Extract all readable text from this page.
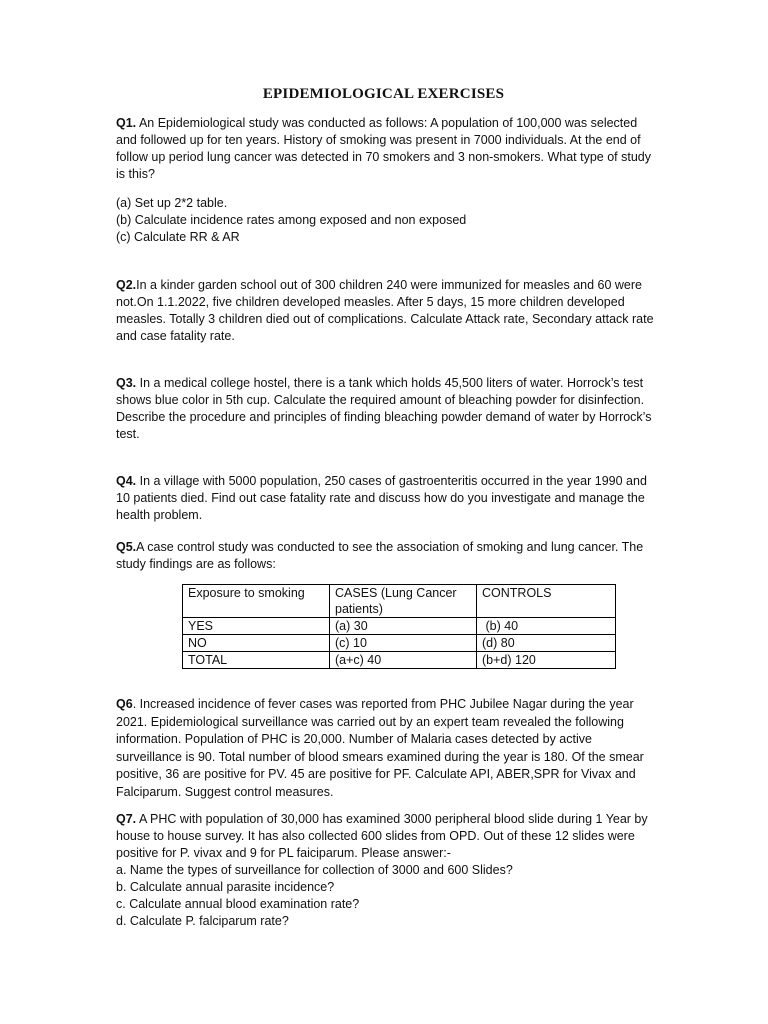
EPIDEMIOLOGICAL EXERCISES

Q1. An Epidemiological study was conducted as follows: A population of 100,000 was selected and followed up for ten years. History of smoking was present in 7000 individuals. At the end of follow up period lung cancer was detected in 70 smokers and 3 non-smokers. What type of study is this?

(a) Set up 2*2 table.
(b) Calculate incidence rates among exposed and non exposed
(c) Calculate RR & AR

Q2.In a kinder garden school out of 300 children 240 were immunized for measles and 60 were not.On 1.1.2022, five children developed measles. After 5 days, 15 more children developed measles. Totally 3 children died out of complications. Calculate Attack rate, Secondary attack rate and case fatality rate.

Q3. In a medical college hostel, there is a tank which holds 45,500 liters of water. Horrock’s test shows blue color in 5th cup. Calculate the required amount of bleaching powder for disinfection. Describe the procedure and principles of finding bleaching powder demand of water by Horrock’s test.

Q4. In a village with 5000 population, 250 cases of gastroenteritis occurred in the year 1990 and 10 patients died. Find out case fatality rate and discuss how do you investigate and manage the health problem.

Q5.A case control study was conducted to see the association of smoking and lung cancer. The study findings are as follows:

Exposure to smoking	CASES (Lung Cancer patients)	CONTROLS
YES	(a) 30	(b) 40
NO	(c) 10	(d) 80
TOTAL	(a+c) 40	(b+d) 120

Q6. Increased incidence of fever cases was reported from PHC Jubilee Nagar during the year 2021. Epidemiological surveillance was carried out by an expert team revealed the following information. Population of PHC is 20,000. Number of Malaria cases detected by active surveillance is 90. Total number of blood smears examined during the year is 180. Of the smear positive, 36 are positive for PV. 45 are positive for PF. Calculate API, ABER,SPR for Vivax and Falciparum. Suggest control measures.

Q7. A PHC with population of 30,000 has examined 3000 peripheral blood slide during 1 Year by house to house survey. It has also collected 600 slides from OPD. Out of these 12 slides were positive for P. vivax and 9 for PL faiciparum. Please answer:-

a. Name the types of surveillance for collection of 3000 and 600 Slides?
b. Calculate annual parasite incidence?
c. Calculate annual blood examination rate?
d. Calculate P. falciparum rate?
